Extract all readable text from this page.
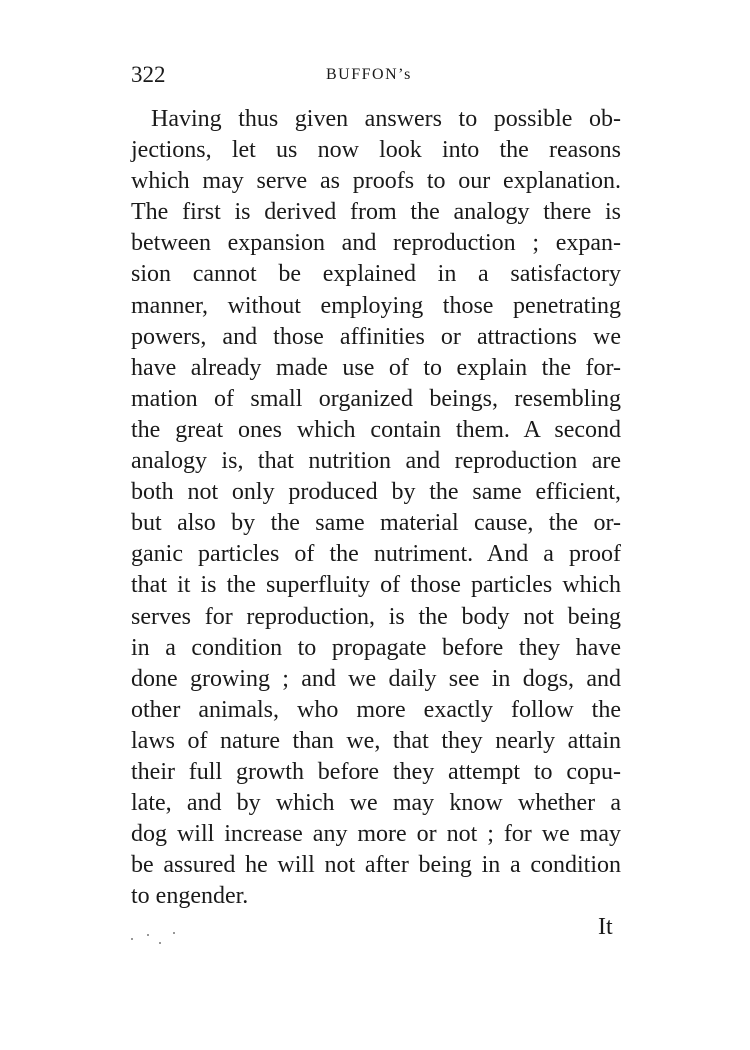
322	BUFFON’s
Having thus given answers to possible ob-
jections, let us now look into the reasons
which may serve as proofs to our explanation.
The first is derived from the analogy there is
between expansion and reproduction ; expan-
sion cannot be explained in a satisfactory
manner, without employing those penetrating
powers, and those affinities or attractions we
have already made use of to explain the for-
mation of small organized beings, resembling
the great ones which contain them. A second
analogy is, that nutrition and reproduction are
both not only produced by the same efficient,
but also by the same material cause, the or-
ganic particles of the nutriment. And a proof
that it is the superfluity of those particles which
serves for reproduction, is the body not being
in a condition to propagate before they have
done growing ; and we daily see in dogs, and
other animals, who more exactly follow the
laws of nature than we, that they nearly attain
their full growth before they attempt to copu-
late, and by which we may know whether a
dog will increase any more or not ; for we may
be assured he will not after being in a condition
to engender.
It
